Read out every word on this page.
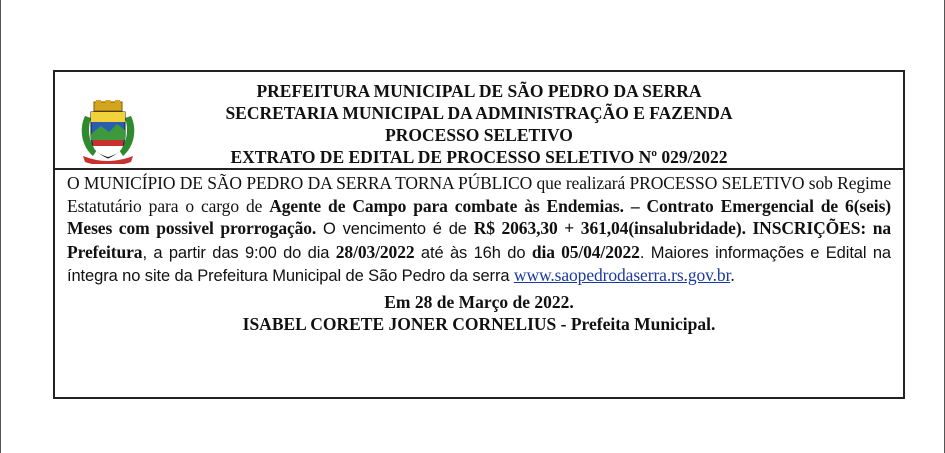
PREFEITURA MUNICIPAL DE SÃO PEDRO DA SERRA
SECRETARIA MUNICIPAL DA ADMINISTRAÇÃO E FAZENDA
PROCESSO SELETIVO
EXTRATO DE EDITAL DE PROCESSO SELETIVO Nº 029/2022
O MUNICÍPIO DE SÃO PEDRO DA SERRA TORNA PÚBLICO que realizará PROCESSO SELETIVO sob Regime Estatutário para o cargo de Agente de Campo para combate às Endemias. – Contrato Emergencial de 6(seis) Meses com possivel prorrogação. O vencimento é de R$ 2063,30 + 361,04(insalubridade). INSCRIÇÕES: na Prefeitura, a partir das 9:00 do dia 28/03/2022 até às 16h do dia 05/04/2022. Maiores informações e Edital na íntegra no site da Prefeitura Municipal de São Pedro da serra www.saopedrodaserra.rs.gov.br.
Em 28 de Março de 2022.
ISABEL CORETE JONER CORNELIUS - Prefeita Municipal.
